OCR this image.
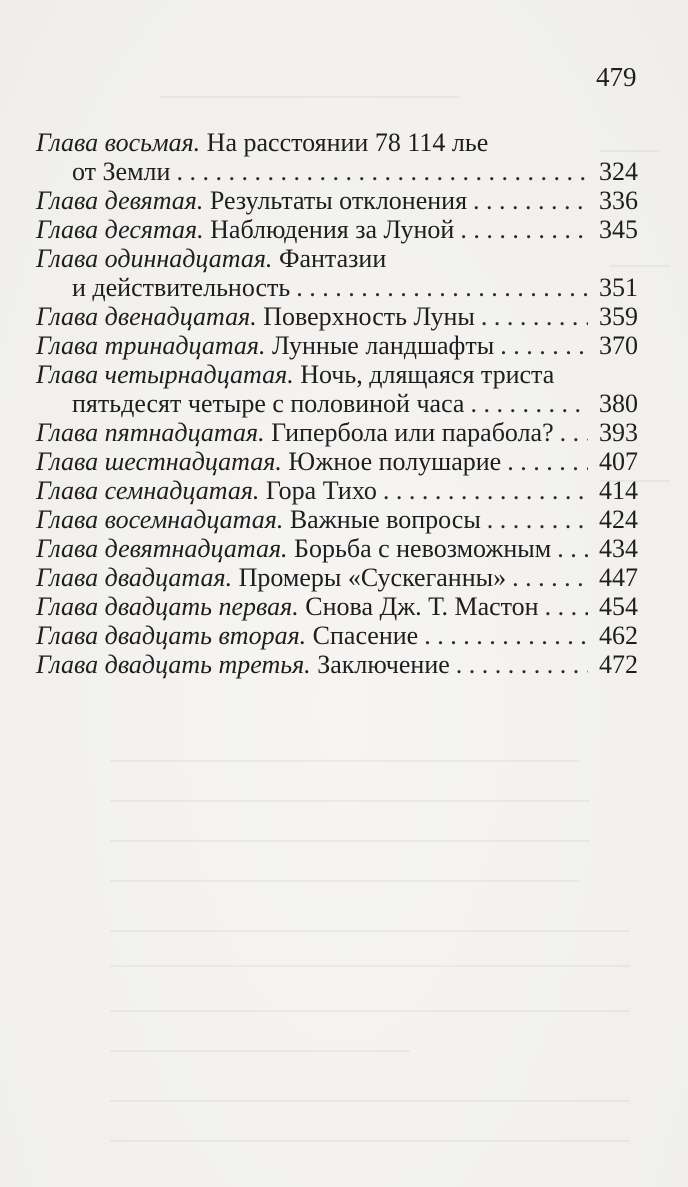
479
Глава восьмая.
На расстоянии 78 114 лье
от Земли . . .	324
Глава девятая.
Результаты отклонения . . .	336
Глава десятая.
Наблюдения за Луной . . .	345
Глава одиннадцатая.
Фантазии
и действительность . . .	351
Глава двенадцатая.
Поверхность Луны . . .	359
Глава тринадцатая.
Лунные ландшафты . . .	370
Глава четырнадцатая.
Ночь, длящаяся триста
пятьдесят четыре с половиной часа . . .	380
Глава пятнадцатая.
Гипербола или парабола? . . . 393
Глава шестнадцатая.
Южное полушарие . . .	407
Глава семнадцатая.
Гора Тихо . . .	414
Глава восемнадцатая.
Важные вопросы . . .	424
Глава девятнадцатая.
Борьба с невозможным . . . 434
Глава двадцатая.
Промеры «Сускеганны» . . .	447
Глава двадцать первая.
Снова Дж. Т. Мастон . . . 454
Глава двадцать вторая.
Спасение . . .	462
Глава двадцать третья.
Заключение . . .	472
